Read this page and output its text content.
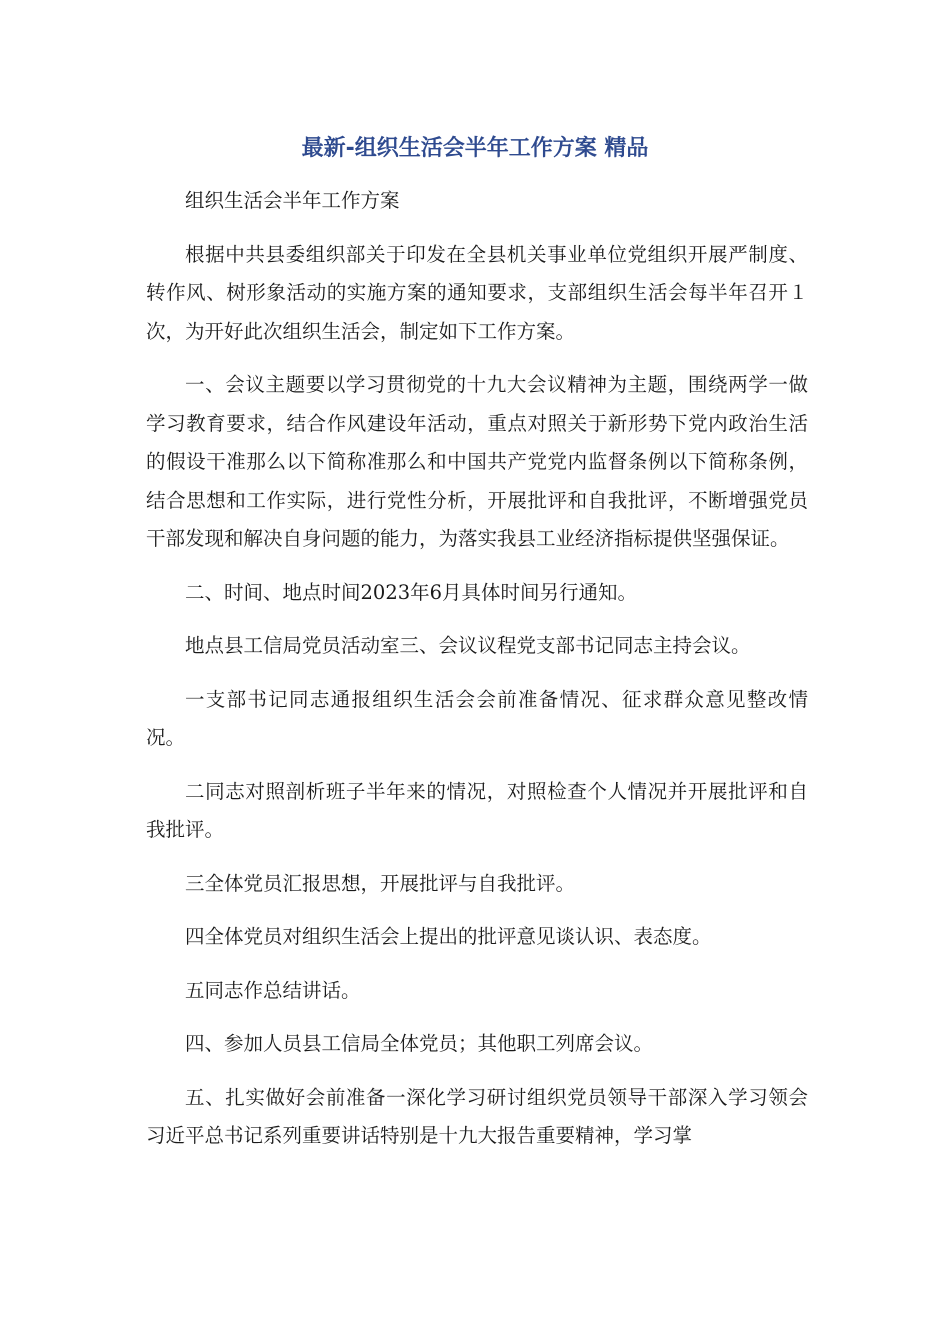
最新-组织生活会半年工作方案 精品

组织生活会半年工作方案

根据中共县委组织部关于印发在全县机关事业单位党组织开展严制度、转作风、树形象活动的实施方案的通知要求，支部组织生活会每半年召开１次，为开好此次组织生活会，制定如下工作方案。

一、会议主题要以学习贯彻党的十九大会议精神为主题，围绕两学一做学习教育要求，结合作风建设年活动，重点对照关于新形势下党内政治生活的假设干准那么以下简称准那么和中国共产党党内监督条例以下简称条例，结合思想和工作实际，进行党性分析，开展批评和自我批评，不断增强党员干部发现和解决自身问题的能力，为落实我县工业经济指标提供坚强保证。

二、时间、地点时间2023年6月具体时间另行通知。

地点县工信局党员活动室三、会议议程党支部书记同志主持会议。

一支部书记同志通报组织生活会会前准备情况、征求群众意见整改情况。

二同志对照剖析班子半年来的情况，对照检查个人情况并开展批评和自我批评。

三全体党员汇报思想，开展批评与自我批评。

四全体党员对组织生活会上提出的批评意见谈认识、表态度。

五同志作总结讲话。

四、参加人员县工信局全体党员；其他职工列席会议。

五、扎实做好会前准备一深化学习研讨组织党员领导干部深入学习领会习近平总书记系列重要讲话特别是十九大报告重要精神，学习掌
